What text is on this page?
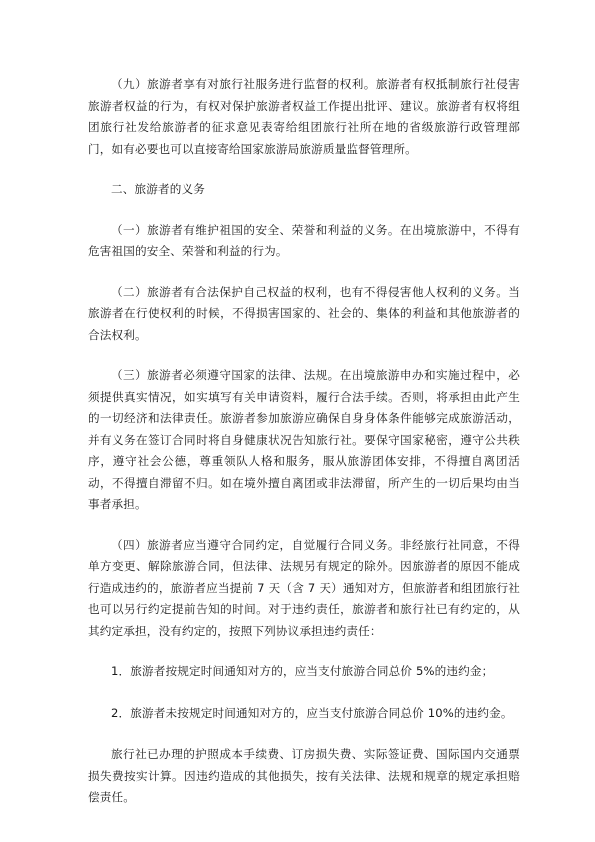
（九）旅游者享有对旅行社服务进行监督的权利。旅游者有权抵制旅行社侵害旅游者权益的行为，有权对保护旅游者权益工作提出批评、建议。旅游者有权将组团旅行社发给旅游者的征求意见表寄给组团旅行社所在地的省级旅游行政管理部门，如有必要也可以直接寄给国家旅游局旅游质量监督管理所。

二、旅游者的义务

（一）旅游者有维护祖国的安全、荣誉和利益的义务。在出境旅游中，不得有危害祖国的安全、荣誉和利益的行为。

（二）旅游者有合法保护自己权益的权利，也有不得侵害他人权利的义务。当旅游者在行使权利的时候，不得损害国家的、社会的、集体的利益和其他旅游者的合法权利。

（三）旅游者必须遵守国家的法律、法规。在出境旅游申办和实施过程中，必须提供真实情况，如实填写有关申请资料，履行合法手续。否则，将承担由此产生的一切经济和法律责任。旅游者参加旅游应确保自身身体条件能够完成旅游活动，并有义务在签订合同时将自身健康状况告知旅行社。要保守国家秘密，遵守公共秩序，遵守社会公德，尊重领队人格和服务，服从旅游团体安排，不得擅自离团活动，不得擅自滞留不归。如在境外擅自离团或非法滞留，所产生的一切后果均由当事者承担。

（四）旅游者应当遵守合同约定，自觉履行合同义务。非经旅行社同意，不得单方变更、解除旅游合同，但法律、法规另有规定的除外。因旅游者的原因不能成行造成违约的，旅游者应当提前 7 天（含 7 天）通知对方，但旅游者和组团旅行社也可以另行约定提前告知的时间。对于违约责任，旅游者和旅行社已有约定的，从其约定承担，没有约定的，按照下列协议承担违约责任：

1．旅游者按规定时间通知对方的，应当支付旅游合同总价 5%的违约金；

2．旅游者未按规定时间通知对方的，应当支付旅游合同总价 10%的违约金。

旅行社已办理的护照成本手续费、订房损失费、实际签证费、国际国内交通票损失费按实计算。因违约造成的其他损失，按有关法律、法规和规章的规定承担赔偿责任。
